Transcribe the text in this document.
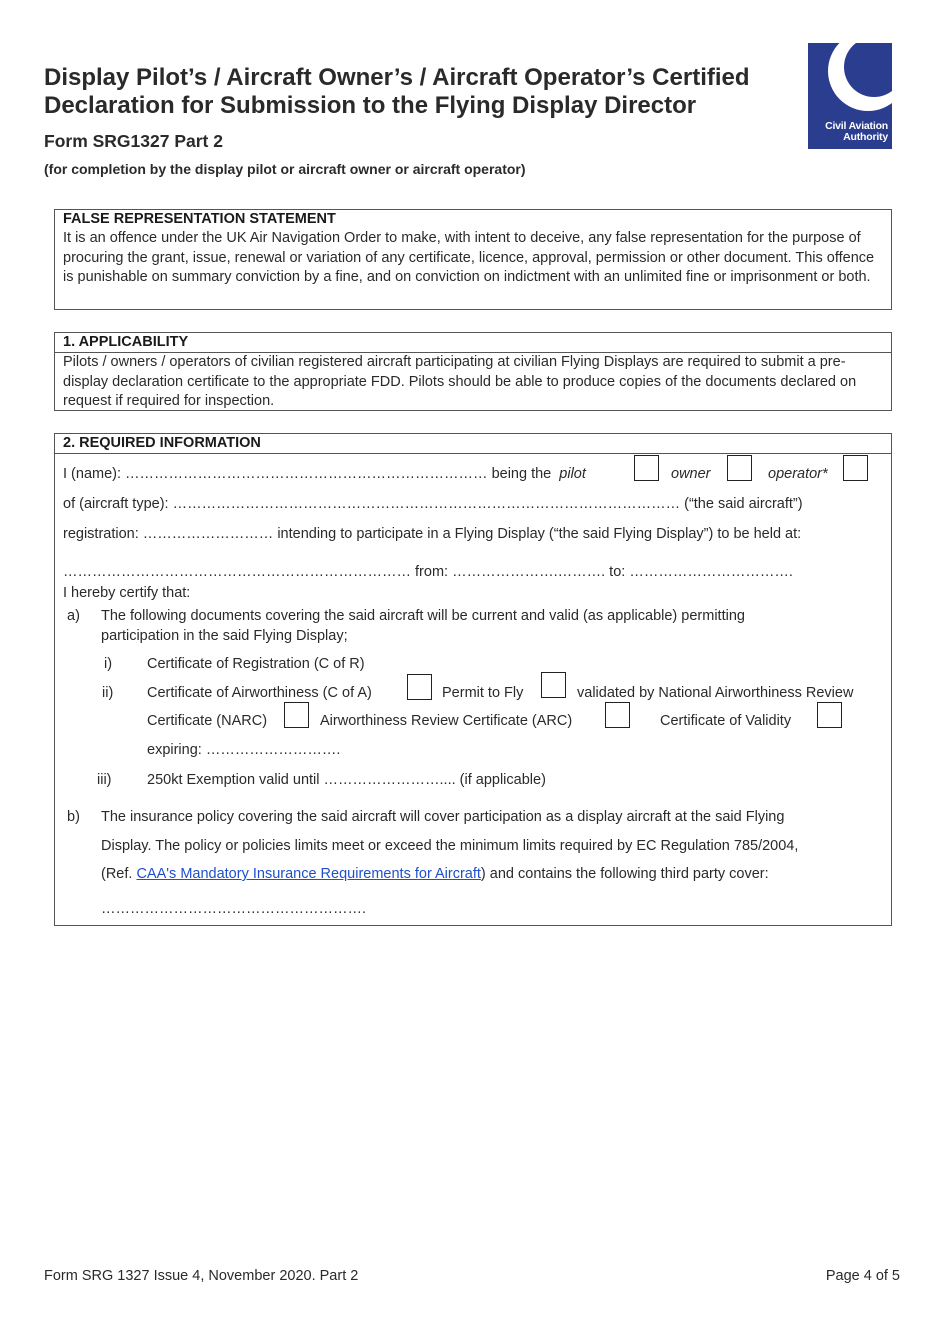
Display Pilot’s / Aircraft Owner’s / Aircraft Operator’s Certified
Declaration for Submission to the Flying Display Director
Form SRG1327 Part 2
(for completion by the display pilot or aircraft owner or aircraft operator)
Civil Aviation
Authority
FALSE REPRESENTATION STATEMENT
It is an offence under the UK Air Navigation Order to make, with intent to deceive, any false representation for the purpose of procuring the grant, issue, renewal or variation of any certificate, licence, approval, permission or other document. This offence is punishable on summary conviction by a fine, and on conviction on indictment with an unlimited fine or imprisonment or both.
1. APPLICABILITY
Pilots / owners / operators of civilian registered aircraft participating at civilian Flying Displays are required to submit a pre-display declaration certificate to the appropriate FDD. Pilots should be able to produce copies of the documents declared on request if required for inspection.
2. REQUIRED INFORMATION
I (name): ………………………………………………………………… being the pilot	owner	operator*
of (aircraft type): …………………………………………………………………………………………… (“the said aircraft”)
registration: ……………………… intending to participate in a Flying Display (“the said Flying Display”) to be held at:
……………………………………………………………… from: ………………….………. to: …………………………….
I hereby certify that:
a) The following documents covering the said aircraft will be current and valid (as applicable) permitting
participation in the said Flying Display;
i) Certificate of Registration (C of R)
ii) Certificate of Airworthiness (C of A)	Permit to Fly	validated by National Airworthiness Review
Certificate (NARC)	Airworthiness Review Certificate (ARC)	Certificate of Validity
expiring: ……………………….
iii) 250kt Exemption valid until …………………….... (if applicable)
b) The insurance policy covering the said aircraft will cover participation as a display aircraft at the said Flying
Display. The policy or policies limits meet or exceed the minimum limits required by EC Regulation 785/2004,
(Ref. CAA's Mandatory Insurance Requirements for Aircraft) and contains the following third party cover:
……………………………………………….
Form SRG 1327 Issue 4, November 2020. Part 2	Page 4 of 5
